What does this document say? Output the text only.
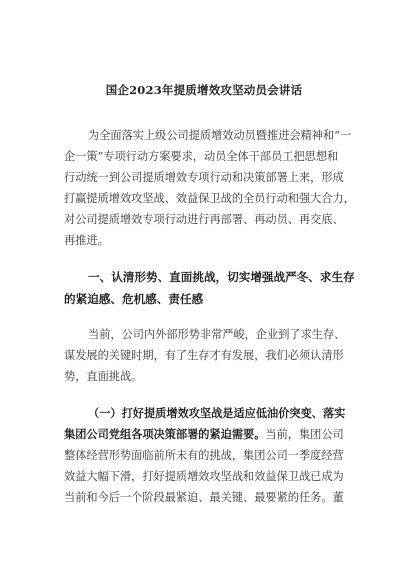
国企2023年提质增效攻坚动员会讲话
为全面落实上级公司提质增效动员暨推进会精神和“一
企一策”专项行动方案要求，动员全体干部员工把思想和
行动统一到公司提质增效专项行动和决策部署上来，形成
打赢提质增效攻坚战、效益保卫战的全员行动和强大合力，
对公司提质增效专项行动进行再部署、再动员、再交底、
再推进。
一、认清形势、直面挑战，切实增强战严冬、求生存
的紧迫感、危机感、责任感
当前，公司内外部形势非常严峻，企业到了求生存、
谋发展的关键时期，有了生存才有发展，我们必须认清形
势，直面挑战。
（一）打好提质增效攻坚战是适应低油价突变、落实
集团公司党组各项决策部署的紧迫需要。当前，集团公司
整体经营形势面临前所未有的挑战，集团公司一季度经营
效益大幅下滑，打好提质增效攻坚战和效益保卫战已成为
当前和今后一个阶段最紧迫、最关键、最要紧的任务。董
